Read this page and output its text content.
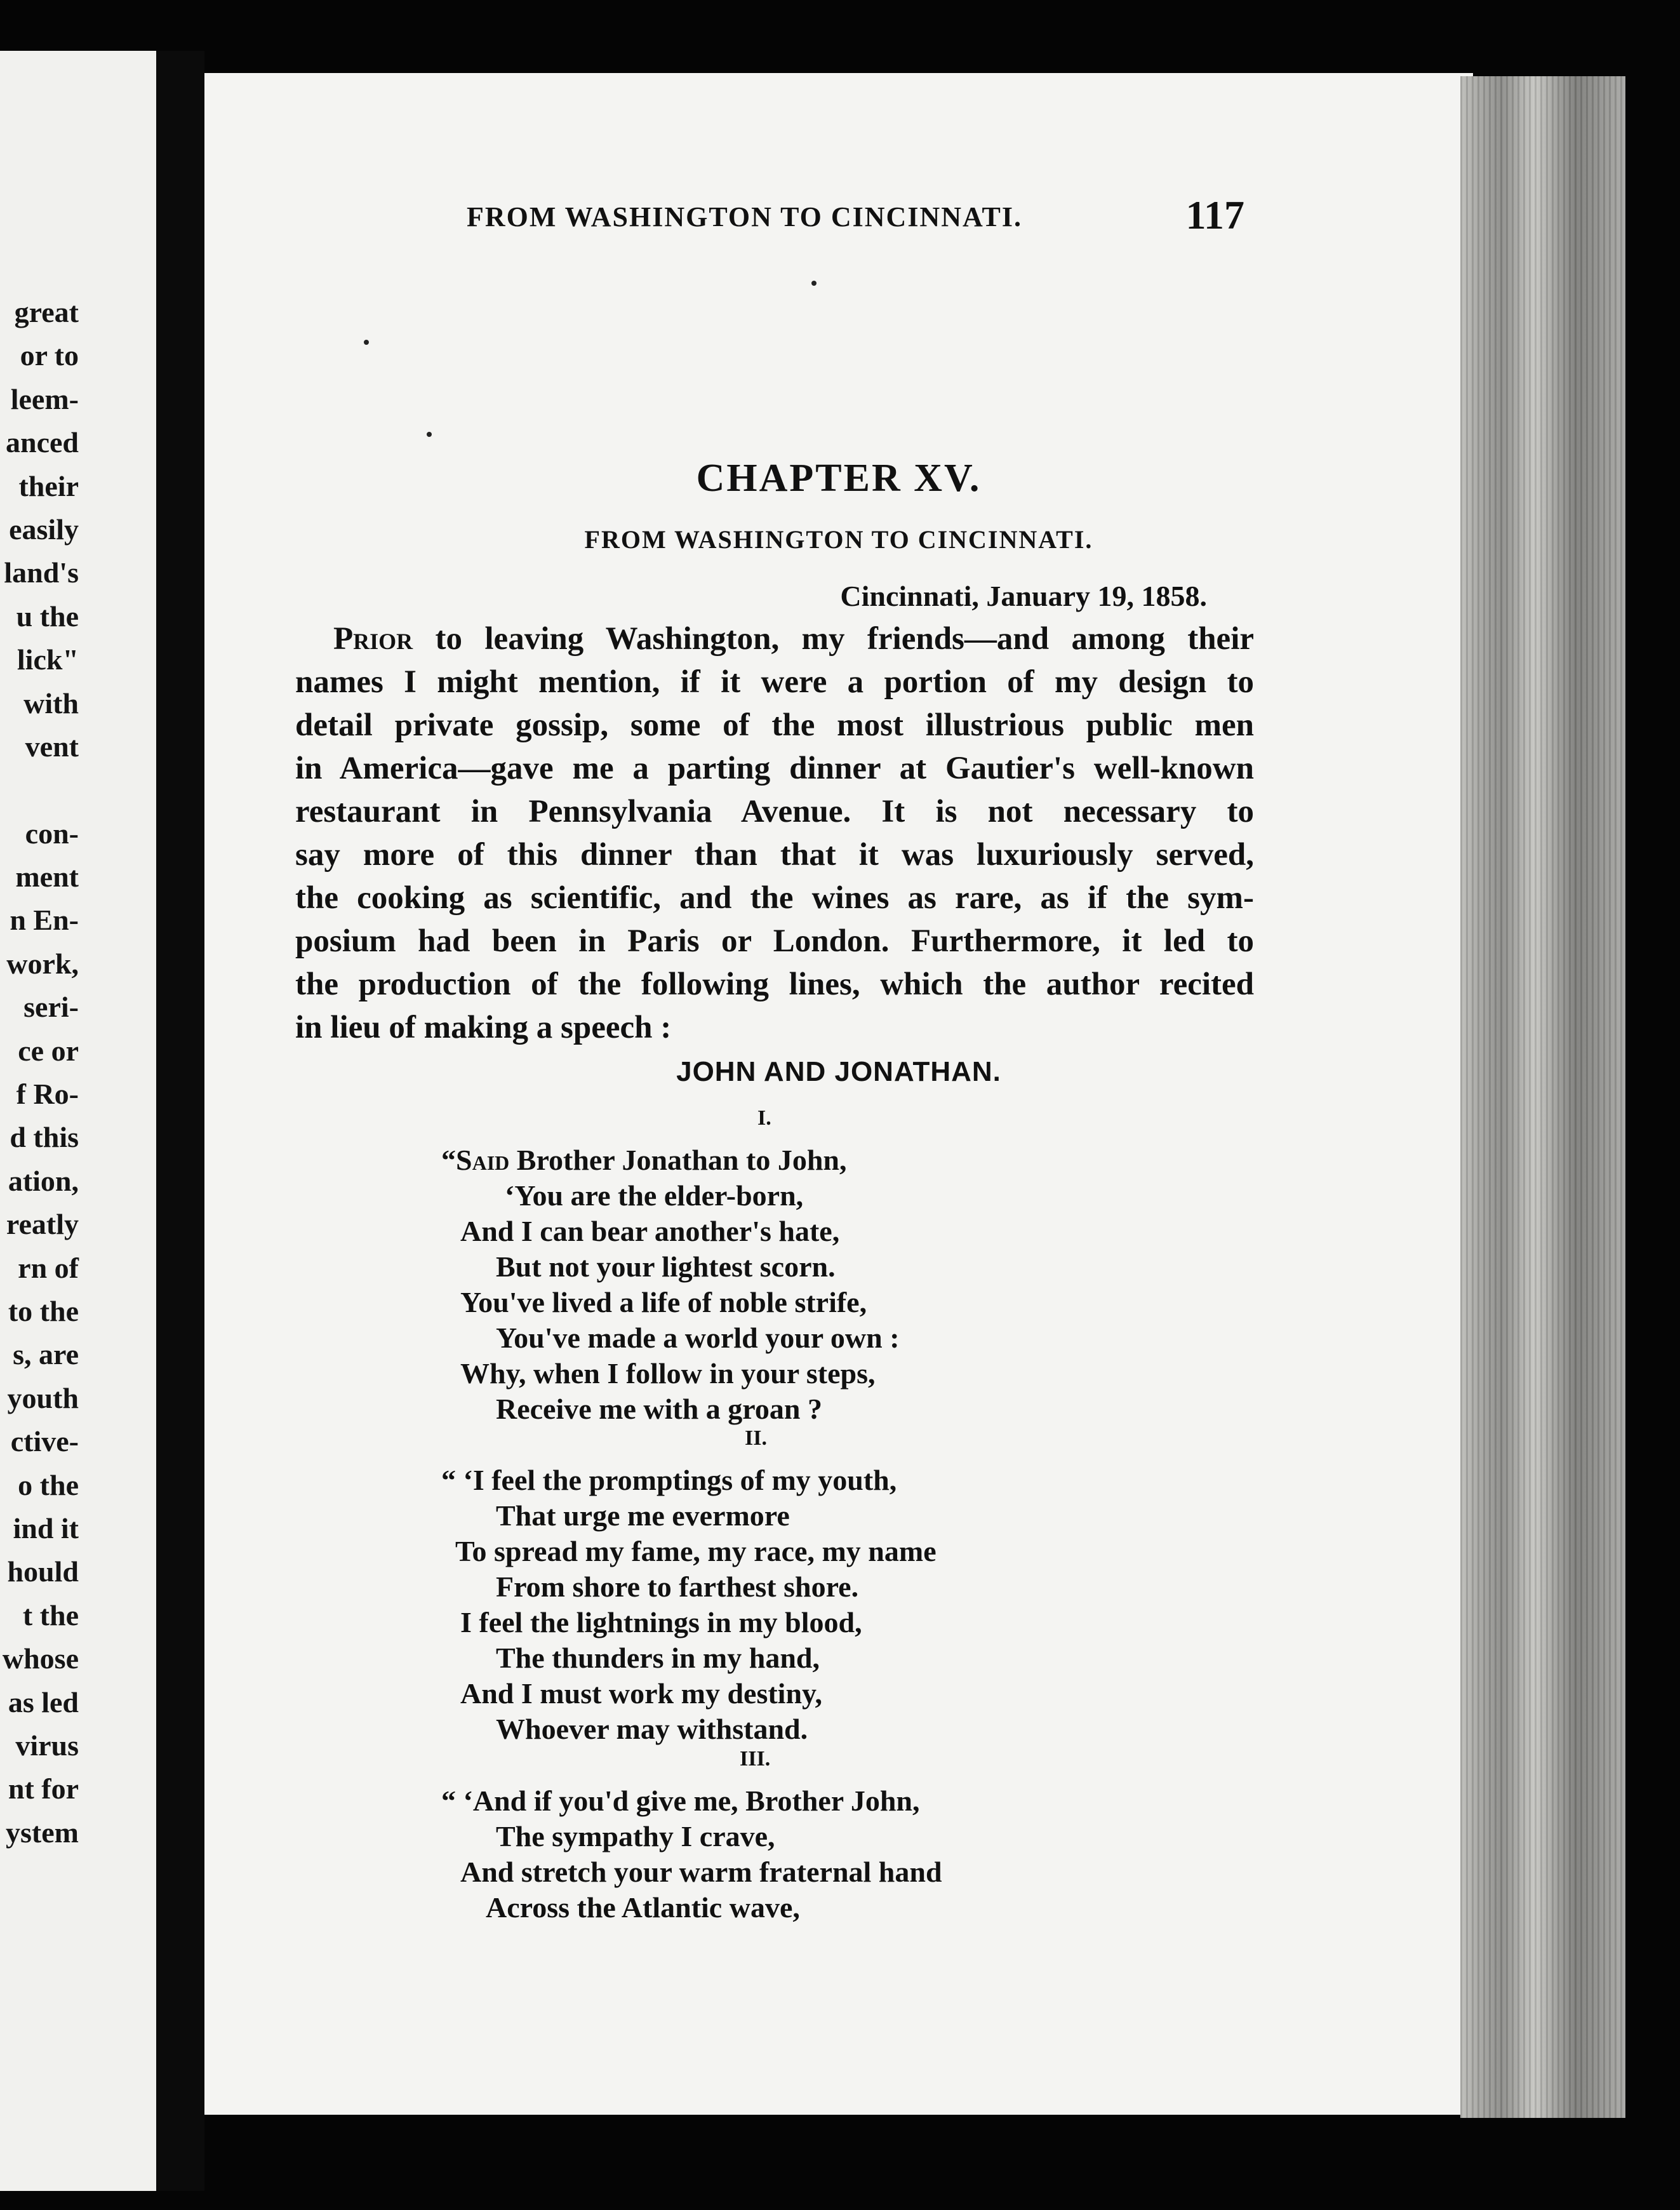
great
or to
leem-
anced
their
easily
land's
u the
lick"
with
vent
con-
ment
n En-
work,
seri-
ce or
f Ro-
d this
ation,
reatly
rn of
to the
s, are
youth
ctive-
o the
ind it
hould
t the
whose
as led
virus
nt for
ystem
FROM WASHINGTON TO CINCINNATI.	117
CHAPTER XV.
FROM WASHINGTON TO CINCINNATI.
Cincinnati, January 19, 1858.
Prior to leaving Washington, my friends—and among their
names I might mention, if it were a portion of my design to
detail private gossip, some of the most illustrious public men
in America—gave me a parting dinner at Gautier's well-known
restaurant in Pennsylvania Avenue. It is not necessary to
say more of this dinner than that it was luxuriously served,
the cooking as scientific, and the wines as rare, as if the sym-
posium had been in Paris or London. Furthermore, it led to
the production of the following lines, which the author recited
in lieu of making a speech :
JOHN AND JONATHAN.
I.
“Said Brother Jonathan to John,
‘You are the elder-born,
And I can bear another's hate,
But not your lightest scorn.
You've lived a life of noble strife,
You've made a world your own :
Why, when I follow in your steps,
Receive me with a groan ?
II.
“ ‘I feel the promptings of my youth,
That urge me evermore
To spread my fame, my race, my name
From shore to farthest shore.
I feel the lightnings in my blood,
The thunders in my hand,
And I must work my destiny,
Whoever may withstand.
III.
“ ‘And if you'd give me, Brother John,
The sympathy I crave,
And stretch your warm fraternal hand
Across the Atlantic wave,
